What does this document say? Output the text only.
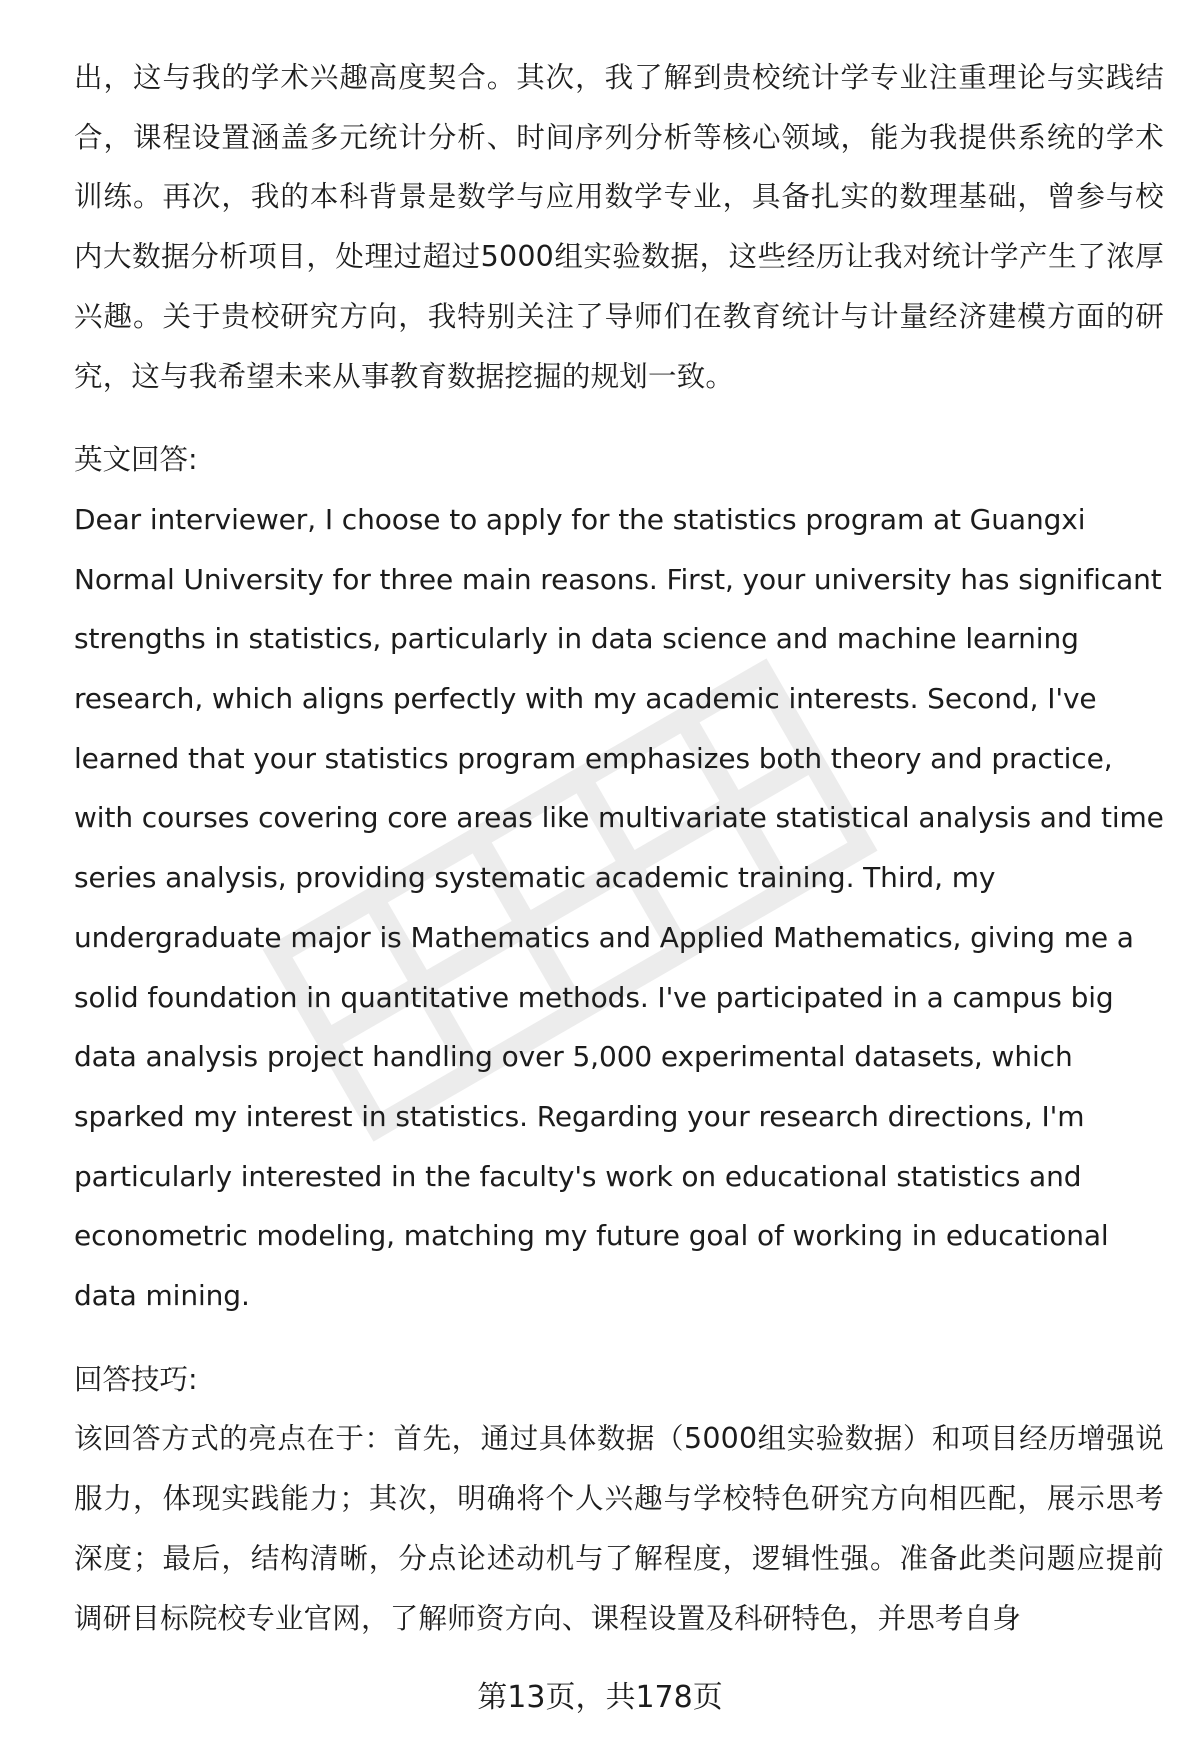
出，这与我的学术兴趣高度契合。其次，我了解到贵校统计学专业注重理论与实践结合，课程设置涵盖多元统计分析、时间序列分析等核心领域，能为我提供系统的学术训练。再次，我的本科背景是数学与应用数学专业，具备扎实的数理基础，曾参与校内大数据分析项目，处理过超过5000组实验数据，这些经历让我对统计学产生了浓厚兴趣。关于贵校研究方向，我特别关注了导师们在教育统计与计量经济建模方面的研究，这与我希望未来从事教育数据挖掘的规划一致。

英文回答:

Dear interviewer, I choose to apply for the statistics program at Guangxi Normal University for three main reasons. First, your university has significant strengths in statistics, particularly in data science and machine learning research, which aligns perfectly with my academic interests. Second, I've learned that your statistics program emphasizes both theory and practice, with courses covering core areas like multivariate statistical analysis and time series analysis, providing systematic academic training. Third, my undergraduate major is Mathematics and Applied Mathematics, giving me a solid foundation in quantitative methods. I've participated in a campus big data analysis project handling over 5,000 experimental datasets, which sparked my interest in statistics. Regarding your research directions, I'm particularly interested in the faculty's work on educational statistics and econometric modeling, matching my future goal of working in educational data mining.

回答技巧:

该回答方式的亮点在于：首先，通过具体数据（5000组实验数据）和项目经历增强说服力，体现实践能力；其次，明确将个人兴趣与学校特色研究方向相匹配，展示思考深度；最后，结构清晰，分点论述动机与了解程度，逻辑性强。准备此类问题应提前调研目标院校专业官网，了解师资方向、课程设置及科研特色，并思考自身

第13页，共178页
